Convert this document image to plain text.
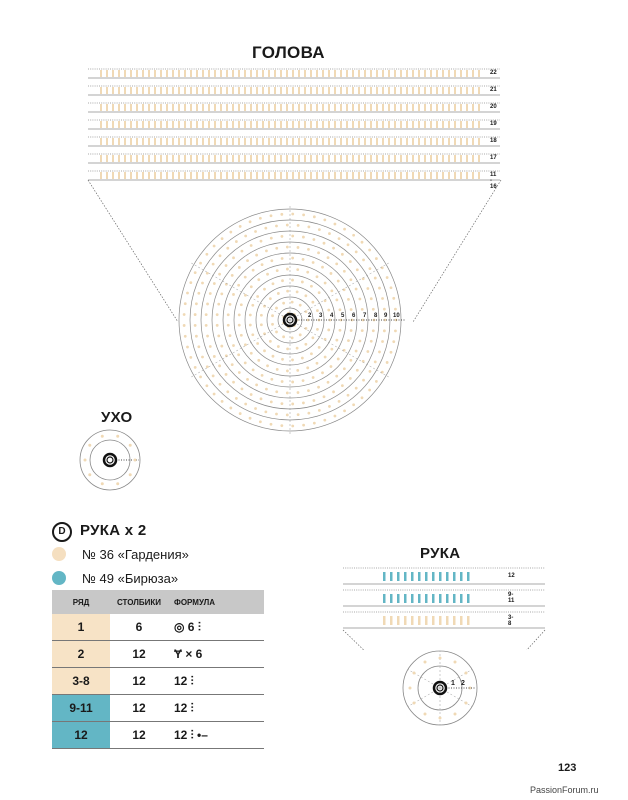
ГОЛОВА
22
21
20
19
18
17
11 - 16
2 3 4 5 6 7 8 9 10
УХО
D РУКА x 2
№ 36 «Гардения»
№ 49 «Бирюза»
РЯД	СТОЛБИКИ	ФОРМУЛА
1	6	◎ 6 ⫶
2	12	Ɏ × 6
3-8	12	12 ⫶
9-11	12	12 ⫶
12	12	12 ⫶ •–
РУКА
12
9-11
3-8
1 2
123
PassionForum.ru
